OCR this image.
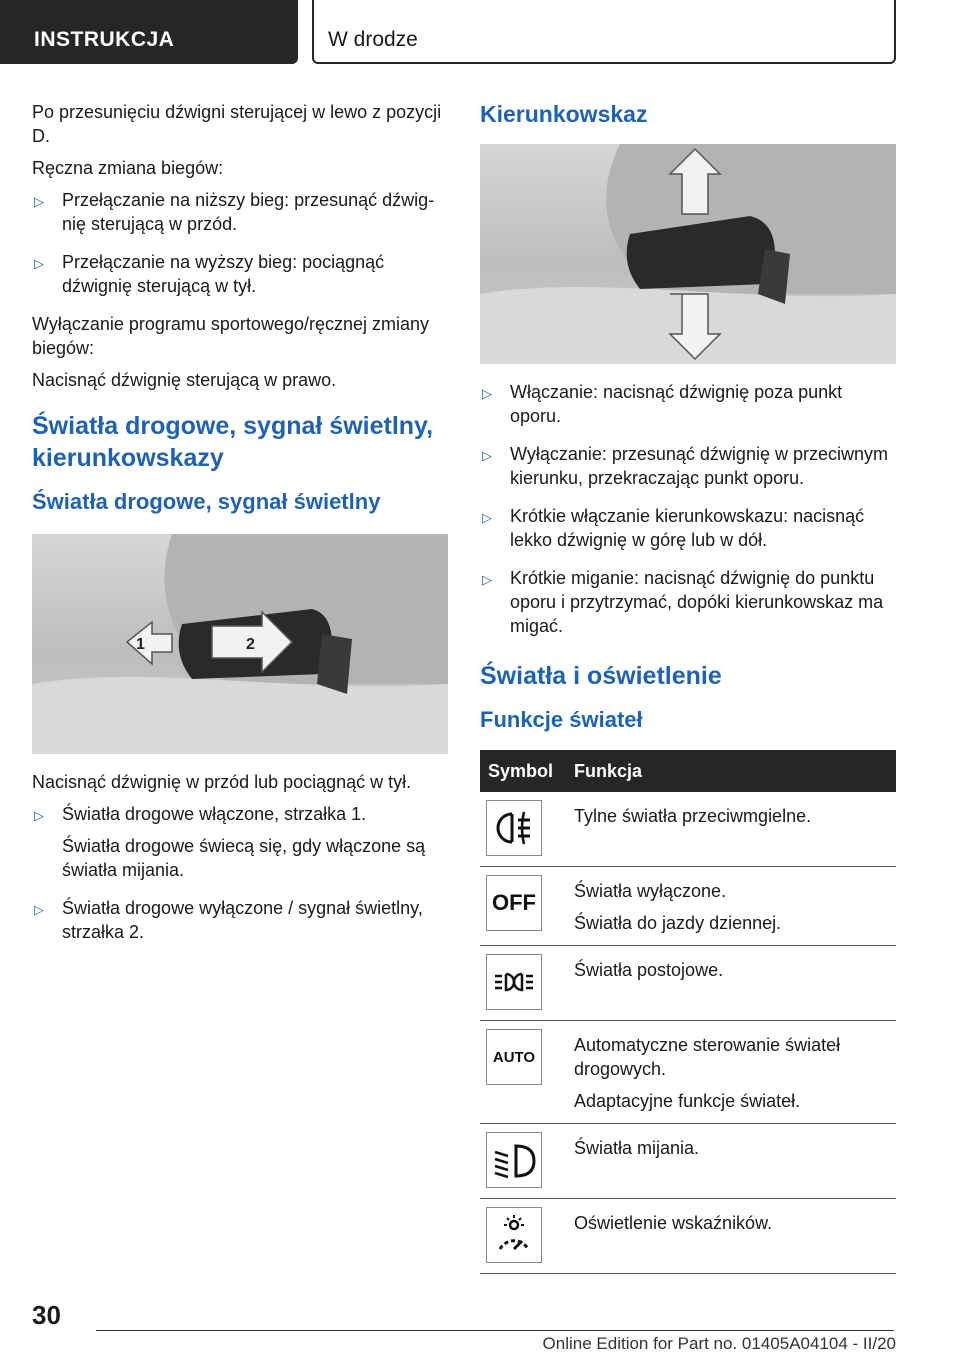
INSTRUKCJA	W drodze
Po przesunięciu dźwigni sterującej w lewo z pozycji D.
Ręczna zmiana biegów:
▷ Przełączanie na niższy bieg: przesunąć dźwignię sterującą w przód.
▷ Przełączanie na wyższy bieg: pociągnąć dźwignię sterującą w tył.
Wyłączanie programu sportowego/ręcznej zmiany biegów:
Nacisnąć dźwignię sterującą w prawo.
Światła drogowe, sygnał świetlny, kierunkowskazy
Światła drogowe, sygnał świetlny
1	2
Nacisnąć dźwignię w przód lub pociągnąć w tył.
▷ Światła drogowe włączone, strzałka 1.
Światła drogowe świecą się, gdy włączone są światła mijania.
▷ Światła drogowe wyłączone / sygnał świetlny, strzałka 2.
Kierunkowskaz
▷ Włączanie: nacisnąć dźwignię poza punkt oporu.
▷ Wyłączanie: przesunąć dźwignię w przeciwnym kierunku, przekraczając punkt oporu.
▷ Krótkie włączanie kierunkowskazu: nacisnąć lekko dźwignię w górę lub w dół.
▷ Krótkie miganie: nacisnąć dźwignię do punktu oporu i przytrzymać, dopóki kierunkowskaz ma migać.
Światła i oświetlenie
Funkcje świateł
Symbol	Funkcja
Tylne światła przeciwmgielne.
OFF Światła wyłączone.
Światła do jazdy dziennej.
Światła postojowe.
AUTO
Automatyczne sterowanie świateł drogowych.
Adaptacyjne funkcje świateł.
Światła mijania.
Oświetlenie wskaźników.
30
Online Edition for Part no. 01405A04104 - II/20
